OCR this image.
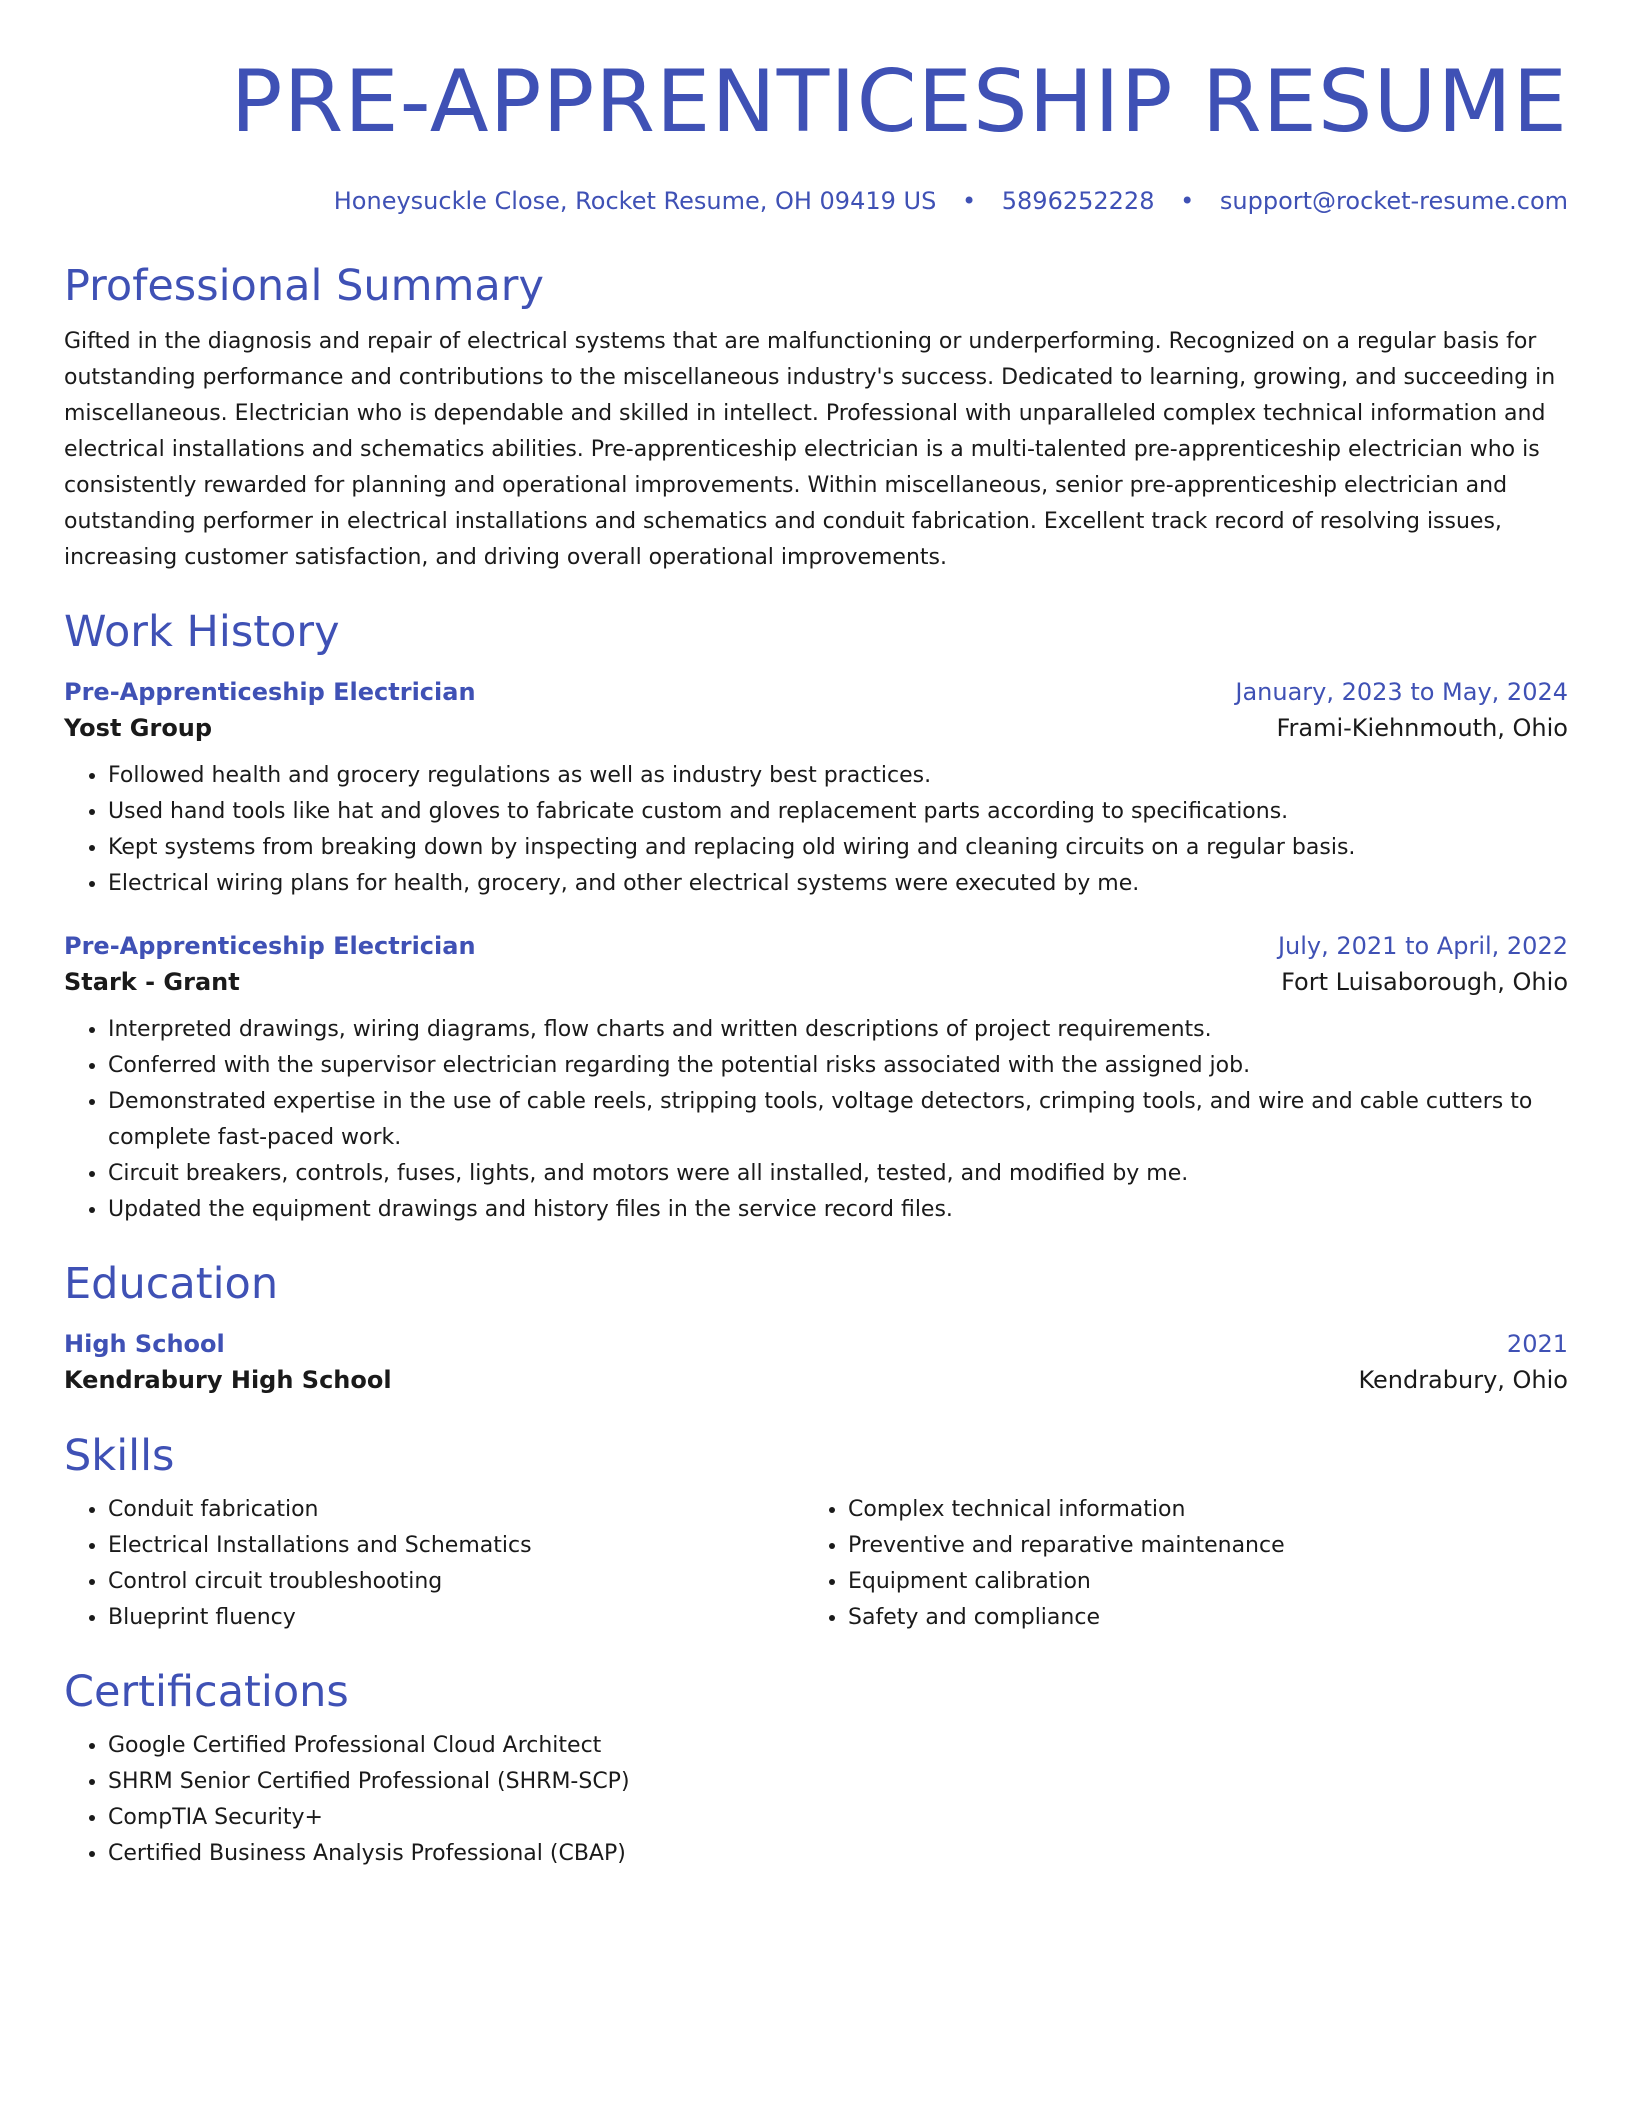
PRE-APPRENTICESHIP RESUME
Honeysuckle Close, Rocket Resume, OH 09419 US • 5896252228 • support@rocket-resume.com
Professional Summary
Gifted in the diagnosis and repair of electrical systems that are malfunctioning or underperforming. Recognized on a regular basis for outstanding performance and contributions to the miscellaneous industry's success. Dedicated to learning, growing, and succeeding in miscellaneous. Electrician who is dependable and skilled in intellect. Professional with unparalleled complex technical information and electrical installations and schematics abilities. Pre-apprenticeship electrician is a multi-talented pre-apprenticeship electrician who is consistently rewarded for planning and operational improvements. Within miscellaneous, senior pre-apprenticeship electrician and outstanding performer in electrical installations and schematics and conduit fabrication. Excellent track record of resolving issues, increasing customer satisfaction, and driving overall operational improvements.
Work History
Pre-Apprenticeship Electrician	January, 2023 to May, 2024
Yost Group	Frami-Kiehnmouth, Ohio
• Followed health and grocery regulations as well as industry best practices.
• Used hand tools like hat and gloves to fabricate custom and replacement parts according to specifications.
• Kept systems from breaking down by inspecting and replacing old wiring and cleaning circuits on a regular basis.
• Electrical wiring plans for health, grocery, and other electrical systems were executed by me.
Pre-Apprenticeship Electrician	July, 2021 to April, 2022
Stark - Grant	Fort Luisaborough, Ohio
• Interpreted drawings, wiring diagrams, flow charts and written descriptions of project requirements.
• Conferred with the supervisor electrician regarding the potential risks associated with the assigned job.
• Demonstrated expertise in the use of cable reels, stripping tools, voltage detectors, crimping tools, and wire and cable cutters to complete fast-paced work.
• Circuit breakers, controls, fuses, lights, and motors were all installed, tested, and modified by me.
• Updated the equipment drawings and history files in the service record files.
Education
High School	2021
Kendrabury High School	Kendrabury, Ohio
Skills
• Conduit fabrication
• Electrical Installations and Schematics
• Control circuit troubleshooting
• Blueprint fluency
• Complex technical information
• Preventive and reparative maintenance
• Equipment calibration
• Safety and compliance
Certifications
• Google Certified Professional Cloud Architect
• SHRM Senior Certified Professional (SHRM-SCP)
• CompTIA Security+
• Certified Business Analysis Professional (CBAP)
